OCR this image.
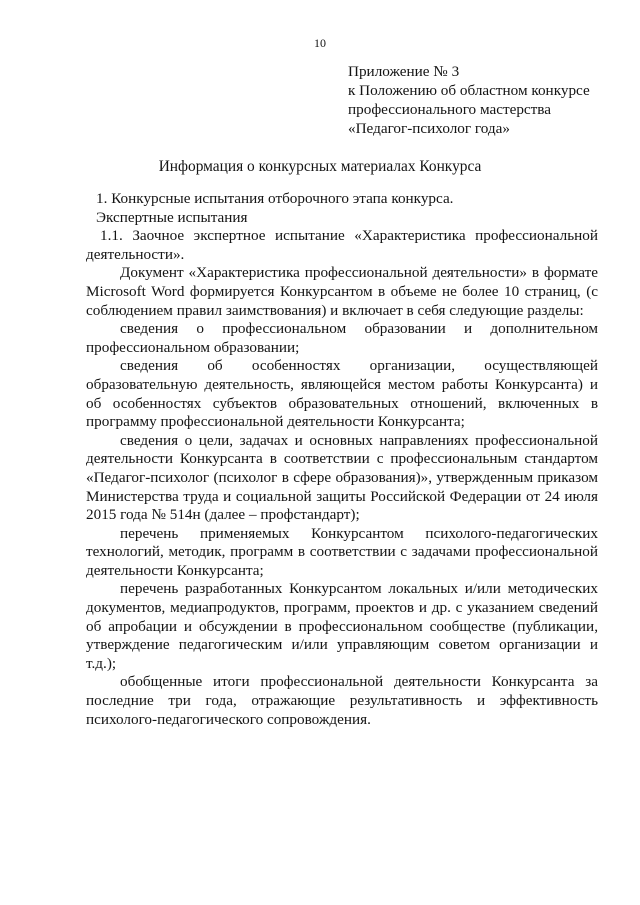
10
Приложение № 3
к Положению об областном конкурсе
профессионального мастерства
«Педагог-психолог года»
Информация о конкурсных материалах Конкурса

1. Конкурсные испытания отборочного этапа конкурса.

Экспертные испытания

1.1. Заочное экспертное испытание «Характеристика профессиональной деятельности».

Документ «Характеристика профессиональной деятельности» в формате Microsoft Word формируется Конкурсантом в объеме не более 10 страниц, (с соблюдением правил заимствования) и включает в себя следующие разделы:

сведения о профессиональном образовании и дополнительном профессиональном образовании;

сведения об особенностях организации, осуществляющей образовательную деятельность, являющейся местом работы Конкурсанта) и об особенностях субъектов образовательных отношений, включенных в программу профессиональной деятельности Конкурсанта;

сведения о цели, задачах и основных направлениях профессиональной деятельности Конкурсанта в соответствии с профессиональным стандартом «Педагог-психолог (психолог в сфере образования)», утвержденным приказом Министерства труда и социальной защиты Российской Федерации от 24 июля 2015 года № 514н (далее – профстандарт);

перечень применяемых Конкурсантом психолого-педагогических технологий, методик, программ в соответствии с задачами профессиональной деятельности Конкурсанта;

перечень разработанных Конкурсантом локальных и/или методических документов, медиапродуктов, программ, проектов и др. с указанием сведений об апробации и обсуждении в профессиональном сообществе (публикации, утверждение педагогическим и/или управляющим советом организации и т.д.);

обобщенные итоги профессиональной деятельности Конкурсанта за последние три года, отражающие результативность и эффективность психолого-педагогического сопровождения.
